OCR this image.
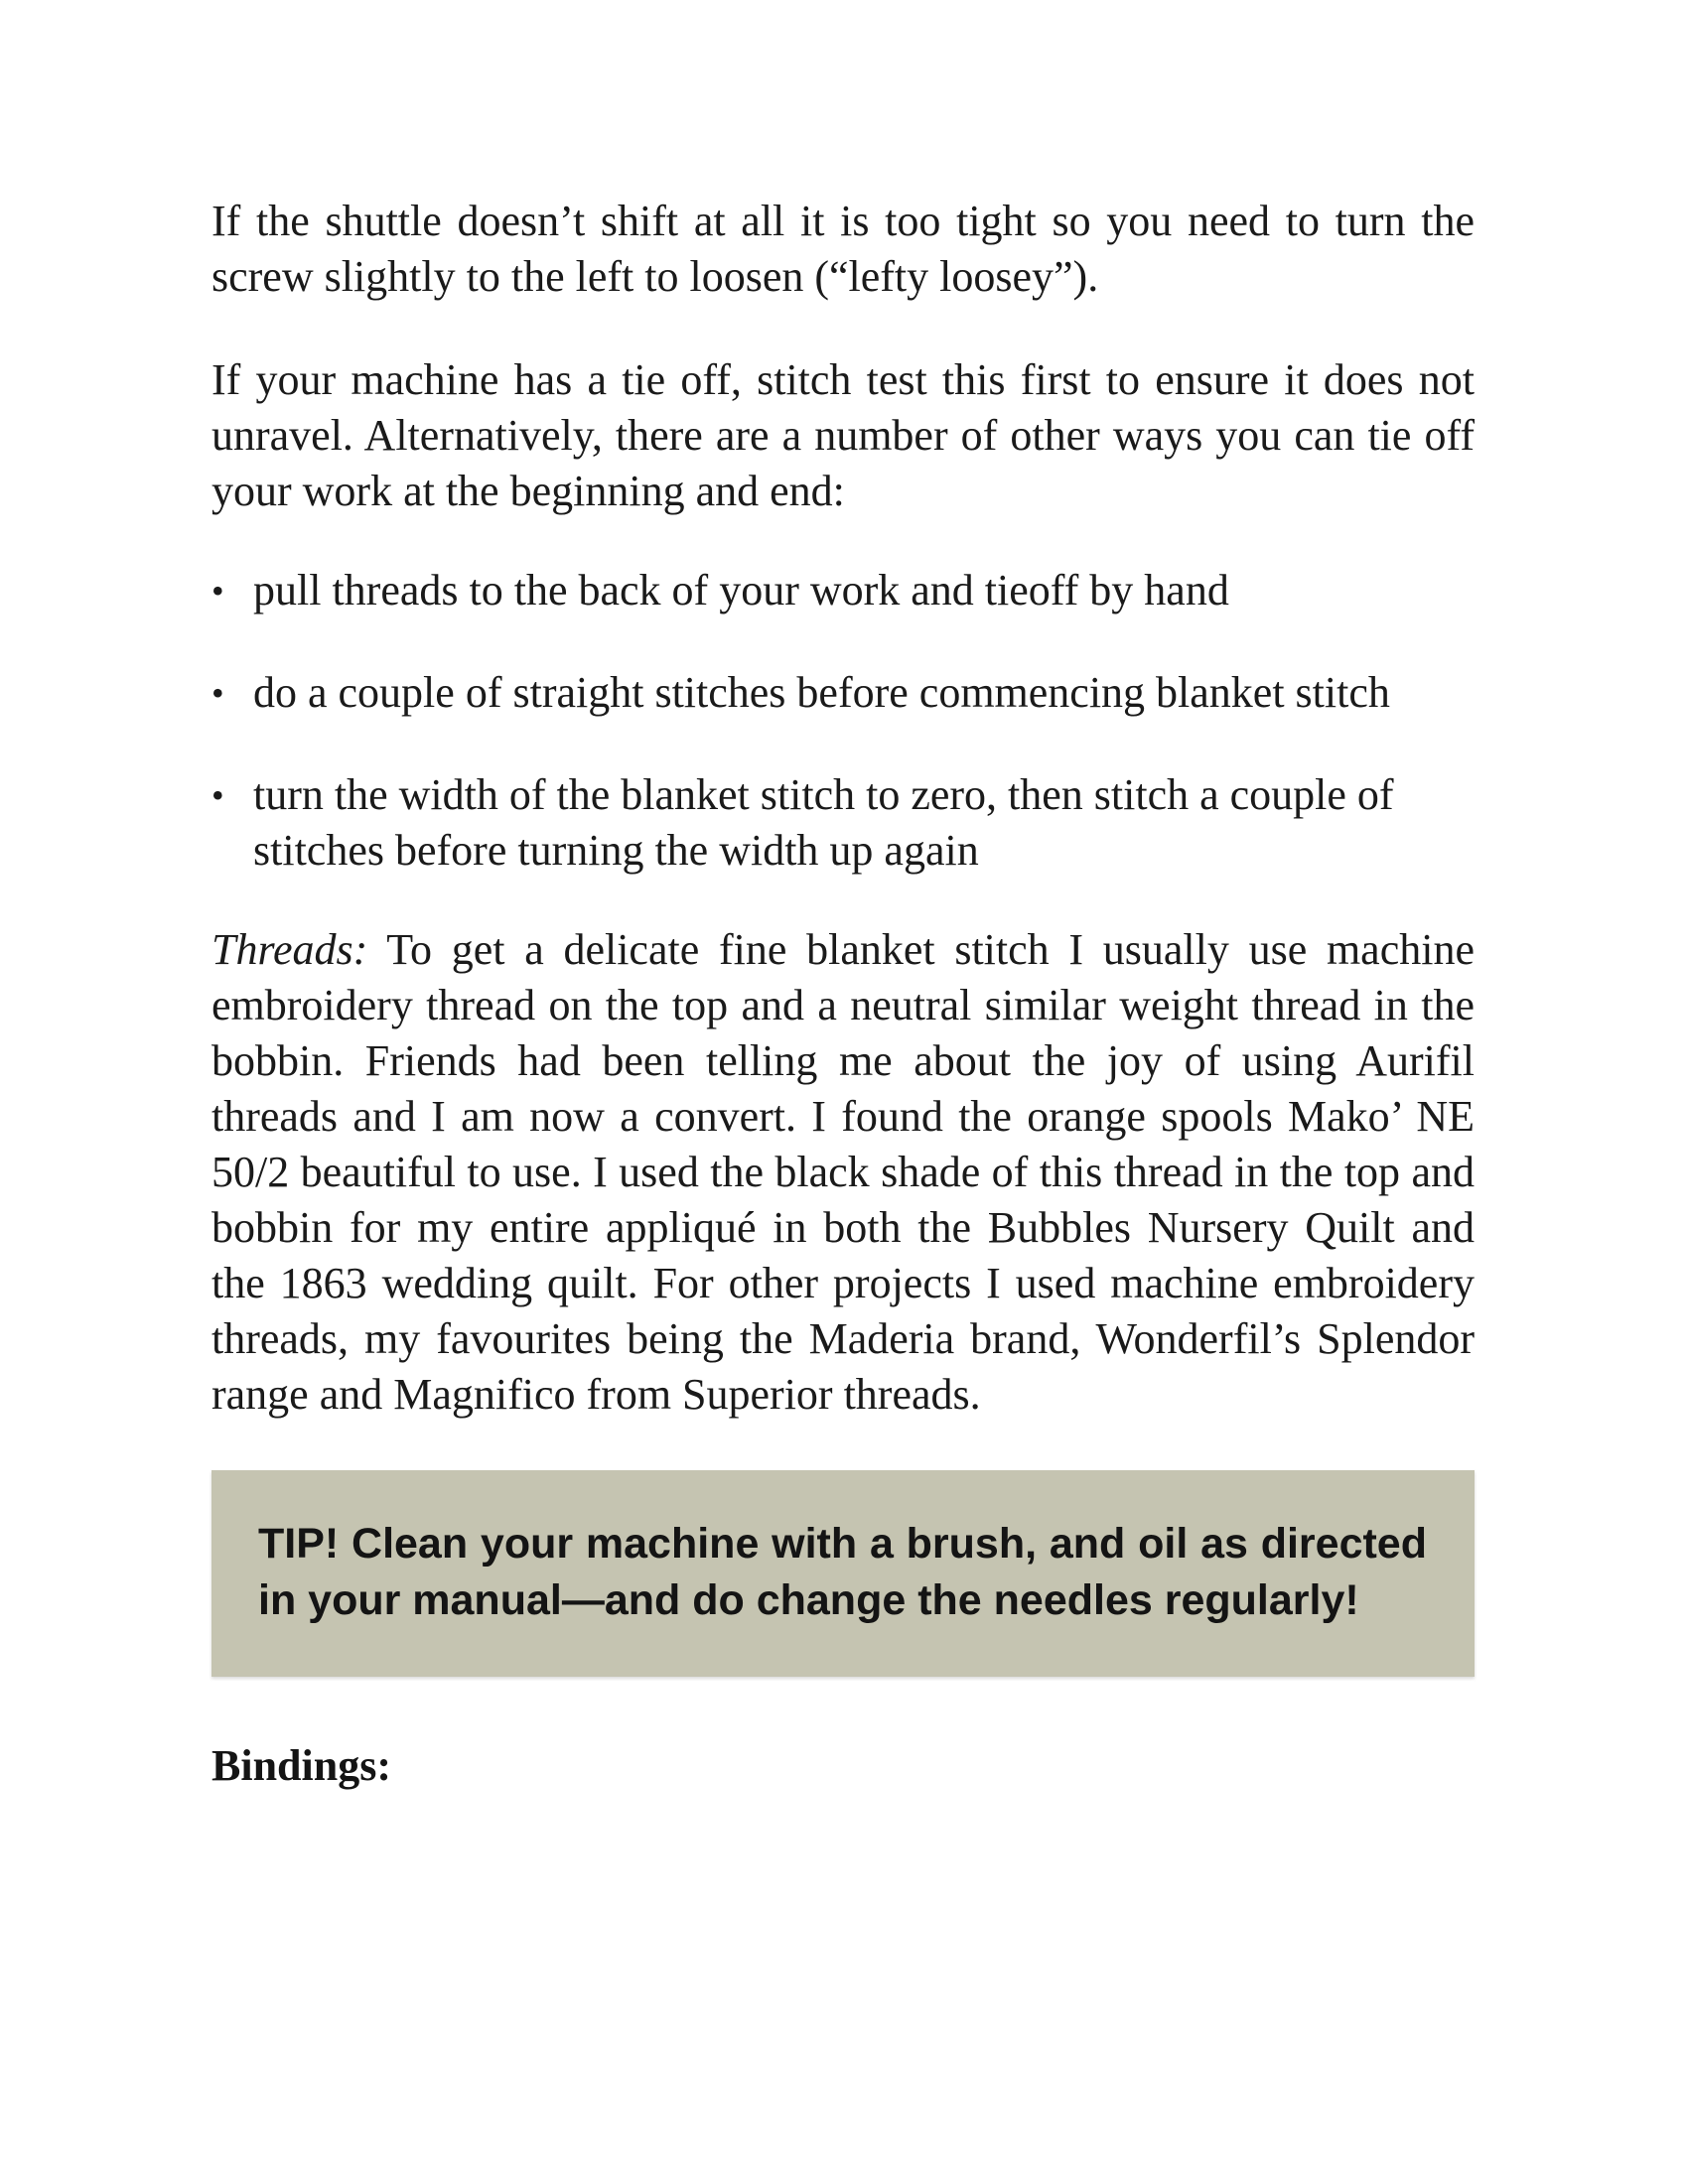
If the shuttle doesn’t shift at all it is too tight so you need to turn the screw slightly to the left to loosen (“lefty loosey”).

If your machine has a tie off, stitch test this first to ensure it does not unravel. Alternatively, there are a number of other ways you can tie off your work at the beginning and end:

• pull threads to the back of your work and tieoff by hand
• do a couple of straight stitches before commencing blanket stitch
• turn the width of the blanket stitch to zero, then stitch a couple of stitches before turning the width up again

Threads: To get a delicate fine blanket stitch I usually use machine embroidery thread on the top and a neutral similar weight thread in the bobbin. Friends had been telling me about the joy of using Aurifil threads and I am now a convert. I found the orange spools Mako’ NE 50/2 beautiful to use. I used the black shade of this thread in the top and bobbin for my entire appliqué in both the Bubbles Nursery Quilt and the 1863 wedding quilt. For other projects I used machine embroidery threads, my favourites being the Maderia brand, Wonderfil’s Splendor range and Magnifico from Superior threads.

TIP! Clean your machine with a brush, and oil as directed in your manual—and do change the needles regularly!

Bindings:
